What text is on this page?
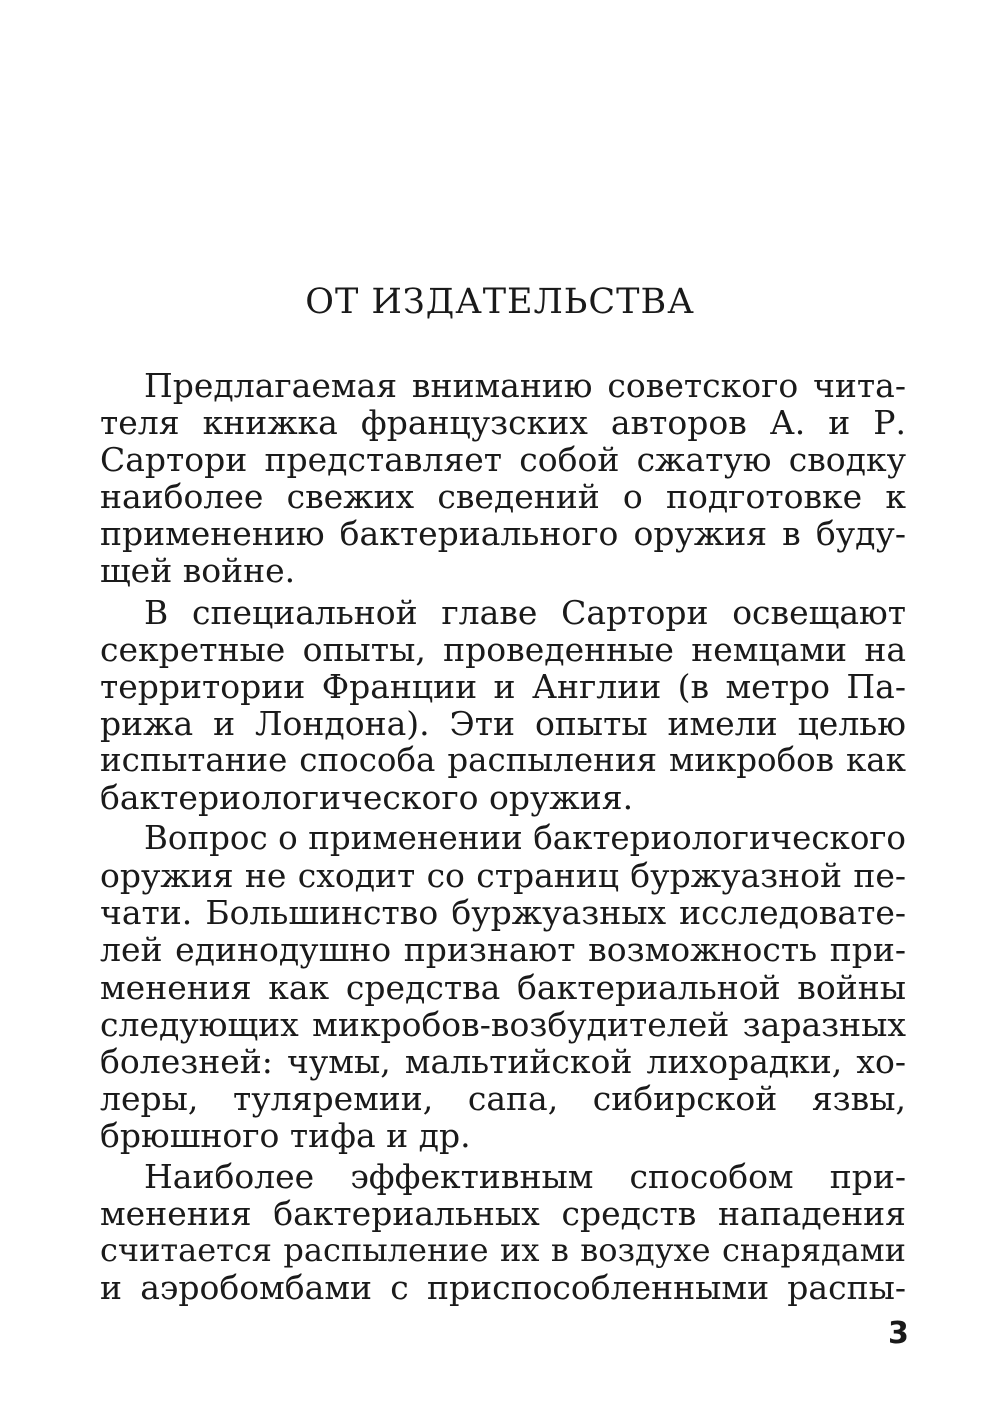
ОТ ИЗДАТЕЛЬСТВА
Предлагаемая вниманию советского чита-
теля книжка французских авторов А. и Р.
Сартори представляет собой сжатую сводку
наиболее свежих сведений о подготовке к
применению бактериального оружия в буду-
щей войне.
В специальной главе Сартори освещают
секретные опыты, проведенные немцами на
территории Франции и Англии (в метро Па-
рижа и Лондона). Эти опыты имели целью
испытание способа распыления микробов как
бактериологического оружия.
Вопрос о применении бактериологического
оружия не сходит со страниц буржуазной пе-
чати. Большинство буржуазных исследовате-
лей единодушно признают возможность при-
менения как средства бактериальной войны
следующих микробов-возбудителей заразных
болезней: чумы, мальтийской лихорадки, хо-
леры, туляремии, сапа, сибирской язвы,
брюшного тифа и др.
Наиболее эффективным способом при-
менения бактериальных средств нападения
считается распыление их в воздухе снарядами
и аэробомбами с приспособленными распы-
3
